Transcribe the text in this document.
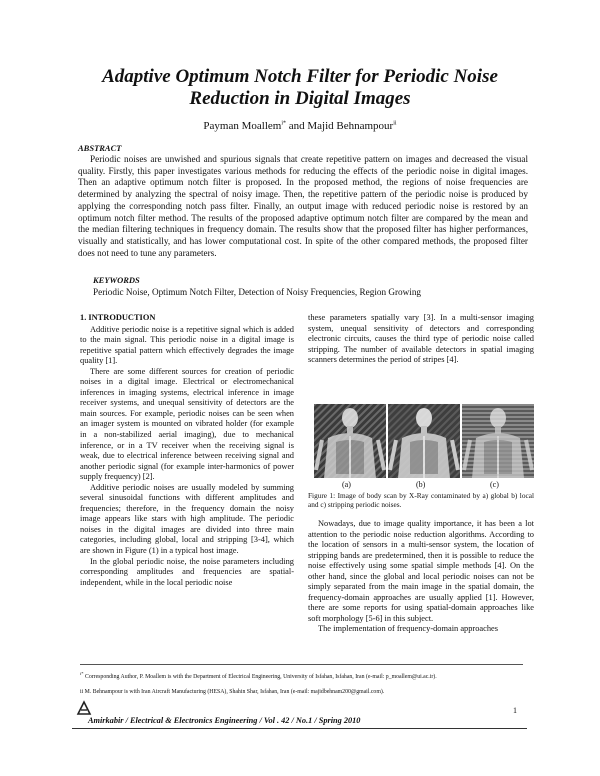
Adaptive Optimum Notch Filter for Periodic Noise
Reduction in Digital Images
Payman Moallem$^{i*}$ and Majid Behnampour$^{ii}$
ABSTRACT

Periodic noises are unwished and spurious signals that create repetitive pattern on images and decreased the visual quality. Firstly, this paper investigates various methods for reducing the effects of the periodic noise in digital images. Then an adaptive optimum notch filter is proposed. In the proposed method, the regions of noise frequencies are determined by analyzing the spectral of noisy image. Then, the repetitive pattern of the periodic noise is produced by applying the corresponding notch pass filter. Finally, an output image with reduced periodic noise is restored by an optimum notch filter method. The results of the proposed adaptive optimum notch filter are compared by the mean and the median filtering techniques in frequency domain. The results show that the proposed filter has higher performances, visually and statistically, and has lower computational cost. In spite of the other compared methods, the proposed filter does not need to tune any parameters.

KEYWORDS
Periodic Noise, Optimum Notch Filter, Detection of Noisy Frequencies, Region Growing
1. INTRODUCTION

Additive periodic noise is a repetitive signal which is added to the main signal. This periodic noise in a digital image is repetitive spatial pattern which effectively degrades the image quality [1].

There are some different sources for creation of periodic noises in a digital image. Electrical or electromechanical inferences in imaging systems, electrical inference in image receiver systems, and unequal sensitivity of detectors are the main sources. For example, periodic noises can be seen when an imager system is mounted on vibrated holder (for example in a non-stabilized aerial imaging), due to mechanical inference, or in a TV receiver when the receiving signal is weak, due to electrical inference between receiving signal and another periodic signal (for example inter-harmonics of power supply frequency) [2].

Additive periodic noises are usually modeled by summing several sinusoidal functions with different amplitudes and frequencies; therefore, in the frequency domain the noisy image appears like stars with high amplitude. The periodic noises in the digital images are divided into three main categories, including global, local and stripping [3-4], which are shown in Figure (1) in a typical host image.

In the global periodic noise, the noise parameters including corresponding amplitudes and frequencies are spatial-independent, while in the local periodic noise

these parameters spatially vary [3]. In a multi-sensor imaging system, unequal sensitivity of detectors and corresponding electronic circuits, causes the third type of periodic noise called stripping. The number of available detectors in spatial imaging scanners determines the period of stripes [4].

(a)	(b)	(c)
Figure 1: Image of body scan by X-Ray contaminated by a) global b) local and c) stripping periodic noises.

Nowadays, due to image quality importance, it has been a lot attention to the periodic noise reduction algorithms. According to the location of sensors in a multi-sensor system, the location of stripping bands are predetermined, then it is possible to reduce the noise effectively using some spatial simple methods [4]. On the other hand, since the global and local periodic noises can not be simply separated from the main image in the spatial domain, the frequency-domain approaches are usually applied [1]. However, there are some reports for using spatial-domain approaches like soft morphology [5-6] in this subject.

The implementation of frequency-domain approaches

$^{i*}$ Corresponding Author, P. Moallem is with the Department of Electrical Engineering, University of Isfahan, Isfahan, Iran (e-mail: p_moallem@ui.ac.ir).
ii M. Behnampour is with Iran Aircraft Manufacturing (HESA), Shahin Shar, Isfahan, Iran (e-mail: majidbehnam200@gmail.com).
1
Amirkabir / Electrical & Electronics Engineering / Vol . 42 / No.1 / Spring 2010
